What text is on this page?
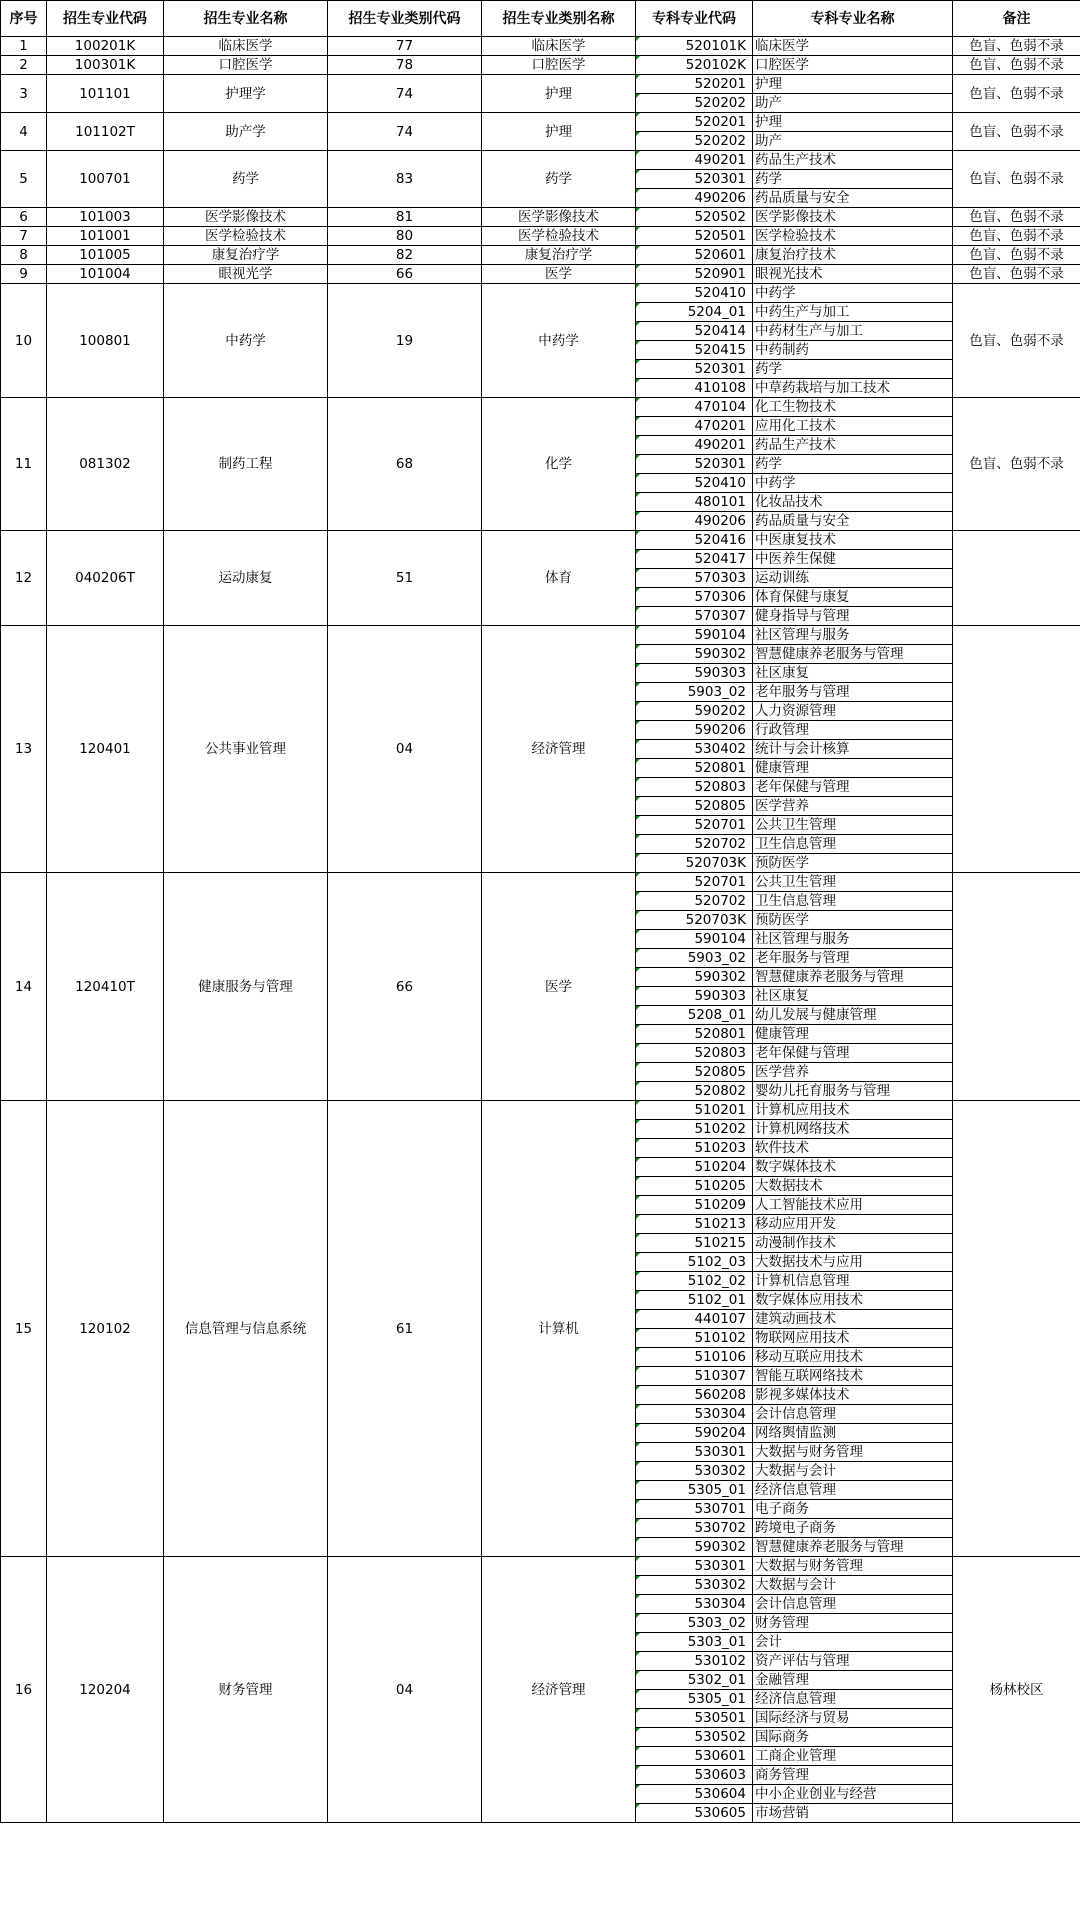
序号	招生专业代码	招生专业名称	招生专业类别代码	招生专业类别名称	专科专业代码	专科专业名称	备注
1	100201K	临床医学	77	临床医学	520101K	临床医学	色盲、色弱不录
2	100301K	口腔医学	78	口腔医学	520102K	口腔医学	色盲、色弱不录
3	101101	护理学	74	护理	520201	护理	色盲、色弱不录
					520202	助产	
4	101102T	助产学	74	护理	520201	护理	色盲、色弱不录
					520202	助产	
5	100701	药学	83	药学	490201	药品生产技术	色盲、色弱不录
					520301	药学	
					490206	药品质量与安全	
6	101003	医学影像技术	81	医学影像技术	520502	医学影像技术	色盲、色弱不录
7	101001	医学检验技术	80	医学检验技术	520501	医学检验技术	色盲、色弱不录
8	101005	康复治疗学	82	康复治疗学	520601	康复治疗技术	色盲、色弱不录
9	101004	眼视光学	66	医学	520901	眼视光技术	色盲、色弱不录
10	100801	中药学	19	中药学	520410	中药学	色盲、色弱不录
					5204_01	中药生产与加工	
					520414	中药材生产与加工	
					520415	中药制药	
					520301	药学	
					410108	中草药栽培与加工技术	
11	081302	制药工程	68	化学	470104	化工生物技术	色盲、色弱不录
					470201	应用化工技术	
					490201	药品生产技术	
					520301	药学	
					520410	中药学	
					480101	化妆品技术	
					490206	药品质量与安全	
12	040206T	运动康复	51	体育	520416	中医康复技术	
					520417	中医养生保健	
					570303	运动训练	
					570306	体育保健与康复	
					570307	健身指导与管理	
13	120401	公共事业管理	04	经济管理	590104	社区管理与服务	
					590302	智慧健康养老服务与管理	
					590303	社区康复	
					5903_02	老年服务与管理	
					590202	人力资源管理	
					590206	行政管理	
					530402	统计与会计核算	
					520801	健康管理	
					520803	老年保健与管理	
					520805	医学营养	
					520701	公共卫生管理	
					520702	卫生信息管理	
					520703K	预防医学	
14	120410T	健康服务与管理	66	医学	520701	公共卫生管理	
					520702	卫生信息管理	
					520703K	预防医学	
					590104	社区管理与服务	
					5903_02	老年服务与管理	
					590302	智慧健康养老服务与管理	
					590303	社区康复	
					5208_01	幼儿发展与健康管理	
					520801	健康管理	
					520803	老年保健与管理	
					520805	医学营养	
					520802	婴幼儿托育服务与管理	
15	120102	信息管理与信息系统	61	计算机	510201	计算机应用技术	
					510202	计算机网络技术	
					510203	软件技术	
					510204	数字媒体技术	
					510205	大数据技术	
					510209	人工智能技术应用	
					510213	移动应用开发	
					510215	动漫制作技术	
					5102_03	大数据技术与应用	
					5102_02	计算机信息管理	
					5102_01	数字媒体应用技术	
					440107	建筑动画技术	
					510102	物联网应用技术	
					510106	移动互联应用技术	
					510307	智能互联网络技术	
					560208	影视多媒体技术	
					530304	会计信息管理	
					590204	网络舆情监测	
					530301	大数据与财务管理	
					530302	大数据与会计	
					5305_01	经济信息管理	
					530701	电子商务	
					530702	跨境电子商务	
					590302	智慧健康养老服务与管理	
16	120204	财务管理	04	经济管理	530301	大数据与财务管理	杨林校区
					530302	大数据与会计	
					530304	会计信息管理	
					5303_02	财务管理	
					5303_01	会计	
					530102	资产评估与管理	
					5302_01	金融管理	
					5305_01	经济信息管理	
					530501	国际经济与贸易	
					530502	国际商务	
					530601	工商企业管理	
					530603	商务管理	
					530604	中小企业创业与经营	
					530605	市场营销	
